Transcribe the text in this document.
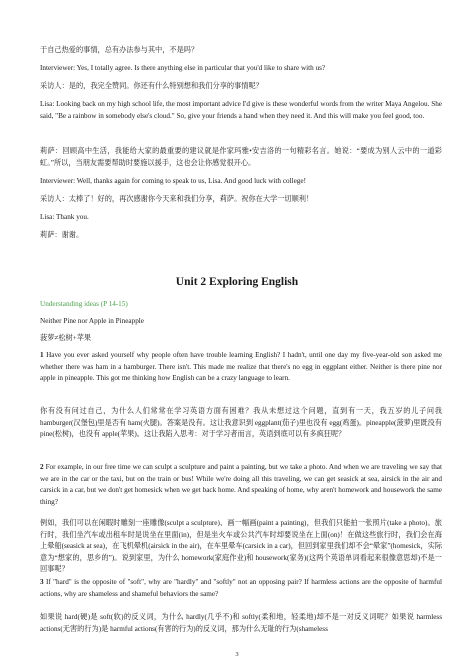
于自己热爱的事情，总有办法参与其中，不是吗？

Interviewer: Yes, I totally agree. Is there anything else in particular that you'd like to share with us?

采访人：是的，我完全赞同。你还有什么特别想和我们分享的事情呢？

Lisa: Looking back on my high school life, the most important advice I'd give is these wonderful words from the writer Maya Angelou. She said, "Be a rainbow in somebody else's cloud." So, give your friends a hand when they need it. And this will make you feel good, too.

莉萨：回顾高中生活，我能给大家的最重要的建议就是作家玛雅•安吉洛的一句精彩名言。她说：“要成为别人云中的一道彩虹。”所以，当朋友需要帮助时要施以援手，这也会让你感觉很开心。

Interviewer: Well, thanks again for coming to speak to us, Lisa. And good luck with college!

采访人：太棒了！好的，再次感谢你今天来和我们分享，莉萨。祝你在大学一切顺利！

Lisa: Thank you.

莉萨：谢谢。

Unit 2 Exploring English

Understanding ideas (P 14-15)

Neither Pine nor Apple in Pineapple

菠萝≠松树+苹果

1 Have you ever asked yourself why people often have trouble learning English? I hadn't, until one day my five-year-old son asked me whether there was ham in a hamburger. There isn't. This made me realize that there's no egg in eggplant either. Neither is there pine nor apple in pineapple. This got me thinking how English can be a crazy language to learn.

你有没有问过自己，为什么人们常常在学习英语方面有困难？我从未想过这个问题，直到有一天，我五岁的儿子问我 hamburger(汉堡包)里是否有 ham(火腿)。答案是没有。这让我意识到 eggplant(茄子)里也没有 egg(鸡蛋)。pineapple(菠萝)里既没有 pine(松树)，也没有 apple(苹果)。这让我陷入思考：对于学习者而言，英语到底可以有多疯狂呢？

2 For example, in our free time we can sculpt a sculpture and paint a painting, but we take a photo. And when we are traveling we say that we are in the car or the taxi, but on the train or bus! While we're doing all this traveling, we can get seasick at sea, airsick in the air and carsick in a car, but we don't get homesick when we get back home. And speaking of home, why aren't homework and housework the same thing?

例如，我们可以在闲暇时雕刻一座雕像(sculpt a sculpture)、画一幅画(paint a painting)，但我们只能拍一张照片(take a photo)。旅行时，我们坐汽车或出租车时是说坐在里面(in)，但是坐火车或公共汽车时却要说坐在上面(on)！在做这些旅行时，我们会在海上晕船(seasick at sea)，在飞机晕机(airsick in the air)，在车里晕车(carsick in a car)，但回到家里我们却不会“晕家”(homesick，实际意为“想家的，思乡的”)。说到家里，为什么 homework(家庭作业)和 housework(家务)(这两个英语单词看起来很像意思却)不是一回事呢？

3 If "hard" is the opposite of "soft", why are "hardly" and "softly" not an opposing pair? If harmless actions are the opposite of harmful actions, why are shameless and shameful behaviors the same?

如果说 hard(硬)是 soft(软)的反义词，为什么 hardly(几乎不)和 softly(柔和地，轻柔地)却不是一对反义词呢？如果说 harmless actions(无害的行为)是 harmful actions(有害的行为)的反义词，那为什么无耻的行为(shameless

3
